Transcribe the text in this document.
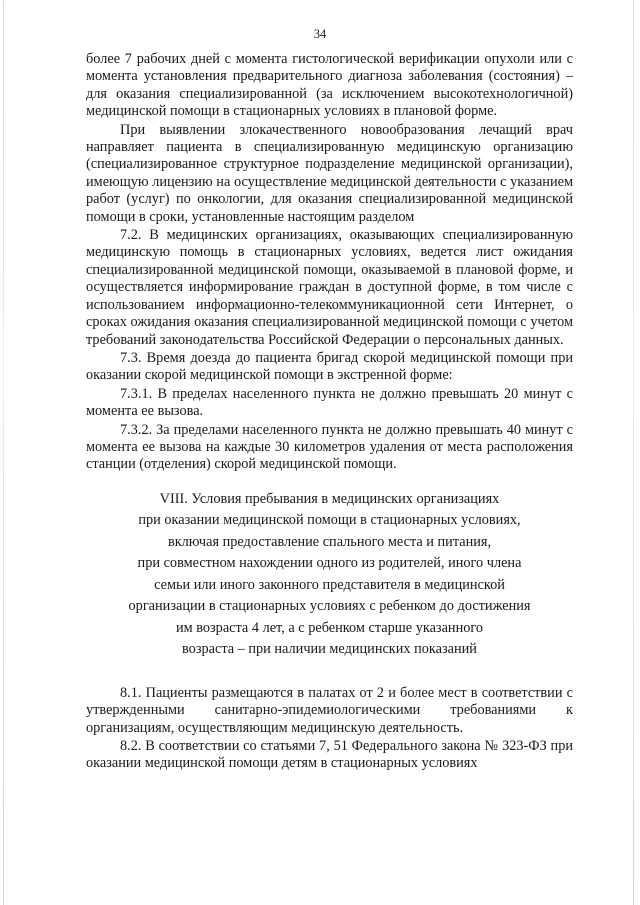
34

более 7 рабочих дней с момента гистологической верификации опухоли или с момента установления предварительного диагноза заболевания (состояния) – для оказания специализированной (за исключением высокотехнологичной) медицинской помощи в стационарных условиях в плановой форме.

При выявлении злокачественного новообразования лечащий врач направляет пациента в специализированную медицинскую организацию (специализированное структурное подразделение медицинской организации), имеющую лицензию на осуществление медицинской деятельности с указанием работ (услуг) по онкологии, для оказания специализированной медицинской помощи в сроки, установленные настоящим разделом

7.2. В медицинских организациях, оказывающих специализированную медицинскую помощь в стационарных условиях, ведется лист ожидания специализированной медицинской помощи, оказываемой в плановой форме, и осуществляется информирование граждан в доступной форме, в том числе с использованием информационно-телекоммуникационной сети Интернет, о сроках ожидания оказания специализированной медицинской помощи с учетом требований законодательства Российской Федерации о персональных данных.

7.3. Время доезда до пациента бригад скорой медицинской помощи при оказании скорой медицинской помощи в экстренной форме:

7.3.1. В пределах населенного пункта не должно превышать 20 минут с момента ее вызова.

7.3.2. За пределами населенного пункта не должно превышать 40 минут с момента ее вызова на каждые 30 километров удаления от места расположения станции (отделения) скорой медицинской помощи.

VIII. Условия пребывания в медицинских организациях
при оказании медицинской помощи в стационарных условиях,
включая предоставление спального места и питания,
при совместном нахождении одного из родителей, иного члена
семьи или иного законного представителя в медицинской
организации в стационарных условиях с ребенком до достижения
им возраста 4 лет, а с ребенком старше указанного
возраста – при наличии медицинских показаний

8.1. Пациенты размещаются в палатах от 2 и более мест в соответствии с утвержденными санитарно-эпидемиологическими требованиями к организациям, осуществляющим медицинскую деятельность.

8.2. В соответствии со статьями 7, 51 Федерального закона № 323-ФЗ при оказании медицинской помощи детям в стационарных условиях
